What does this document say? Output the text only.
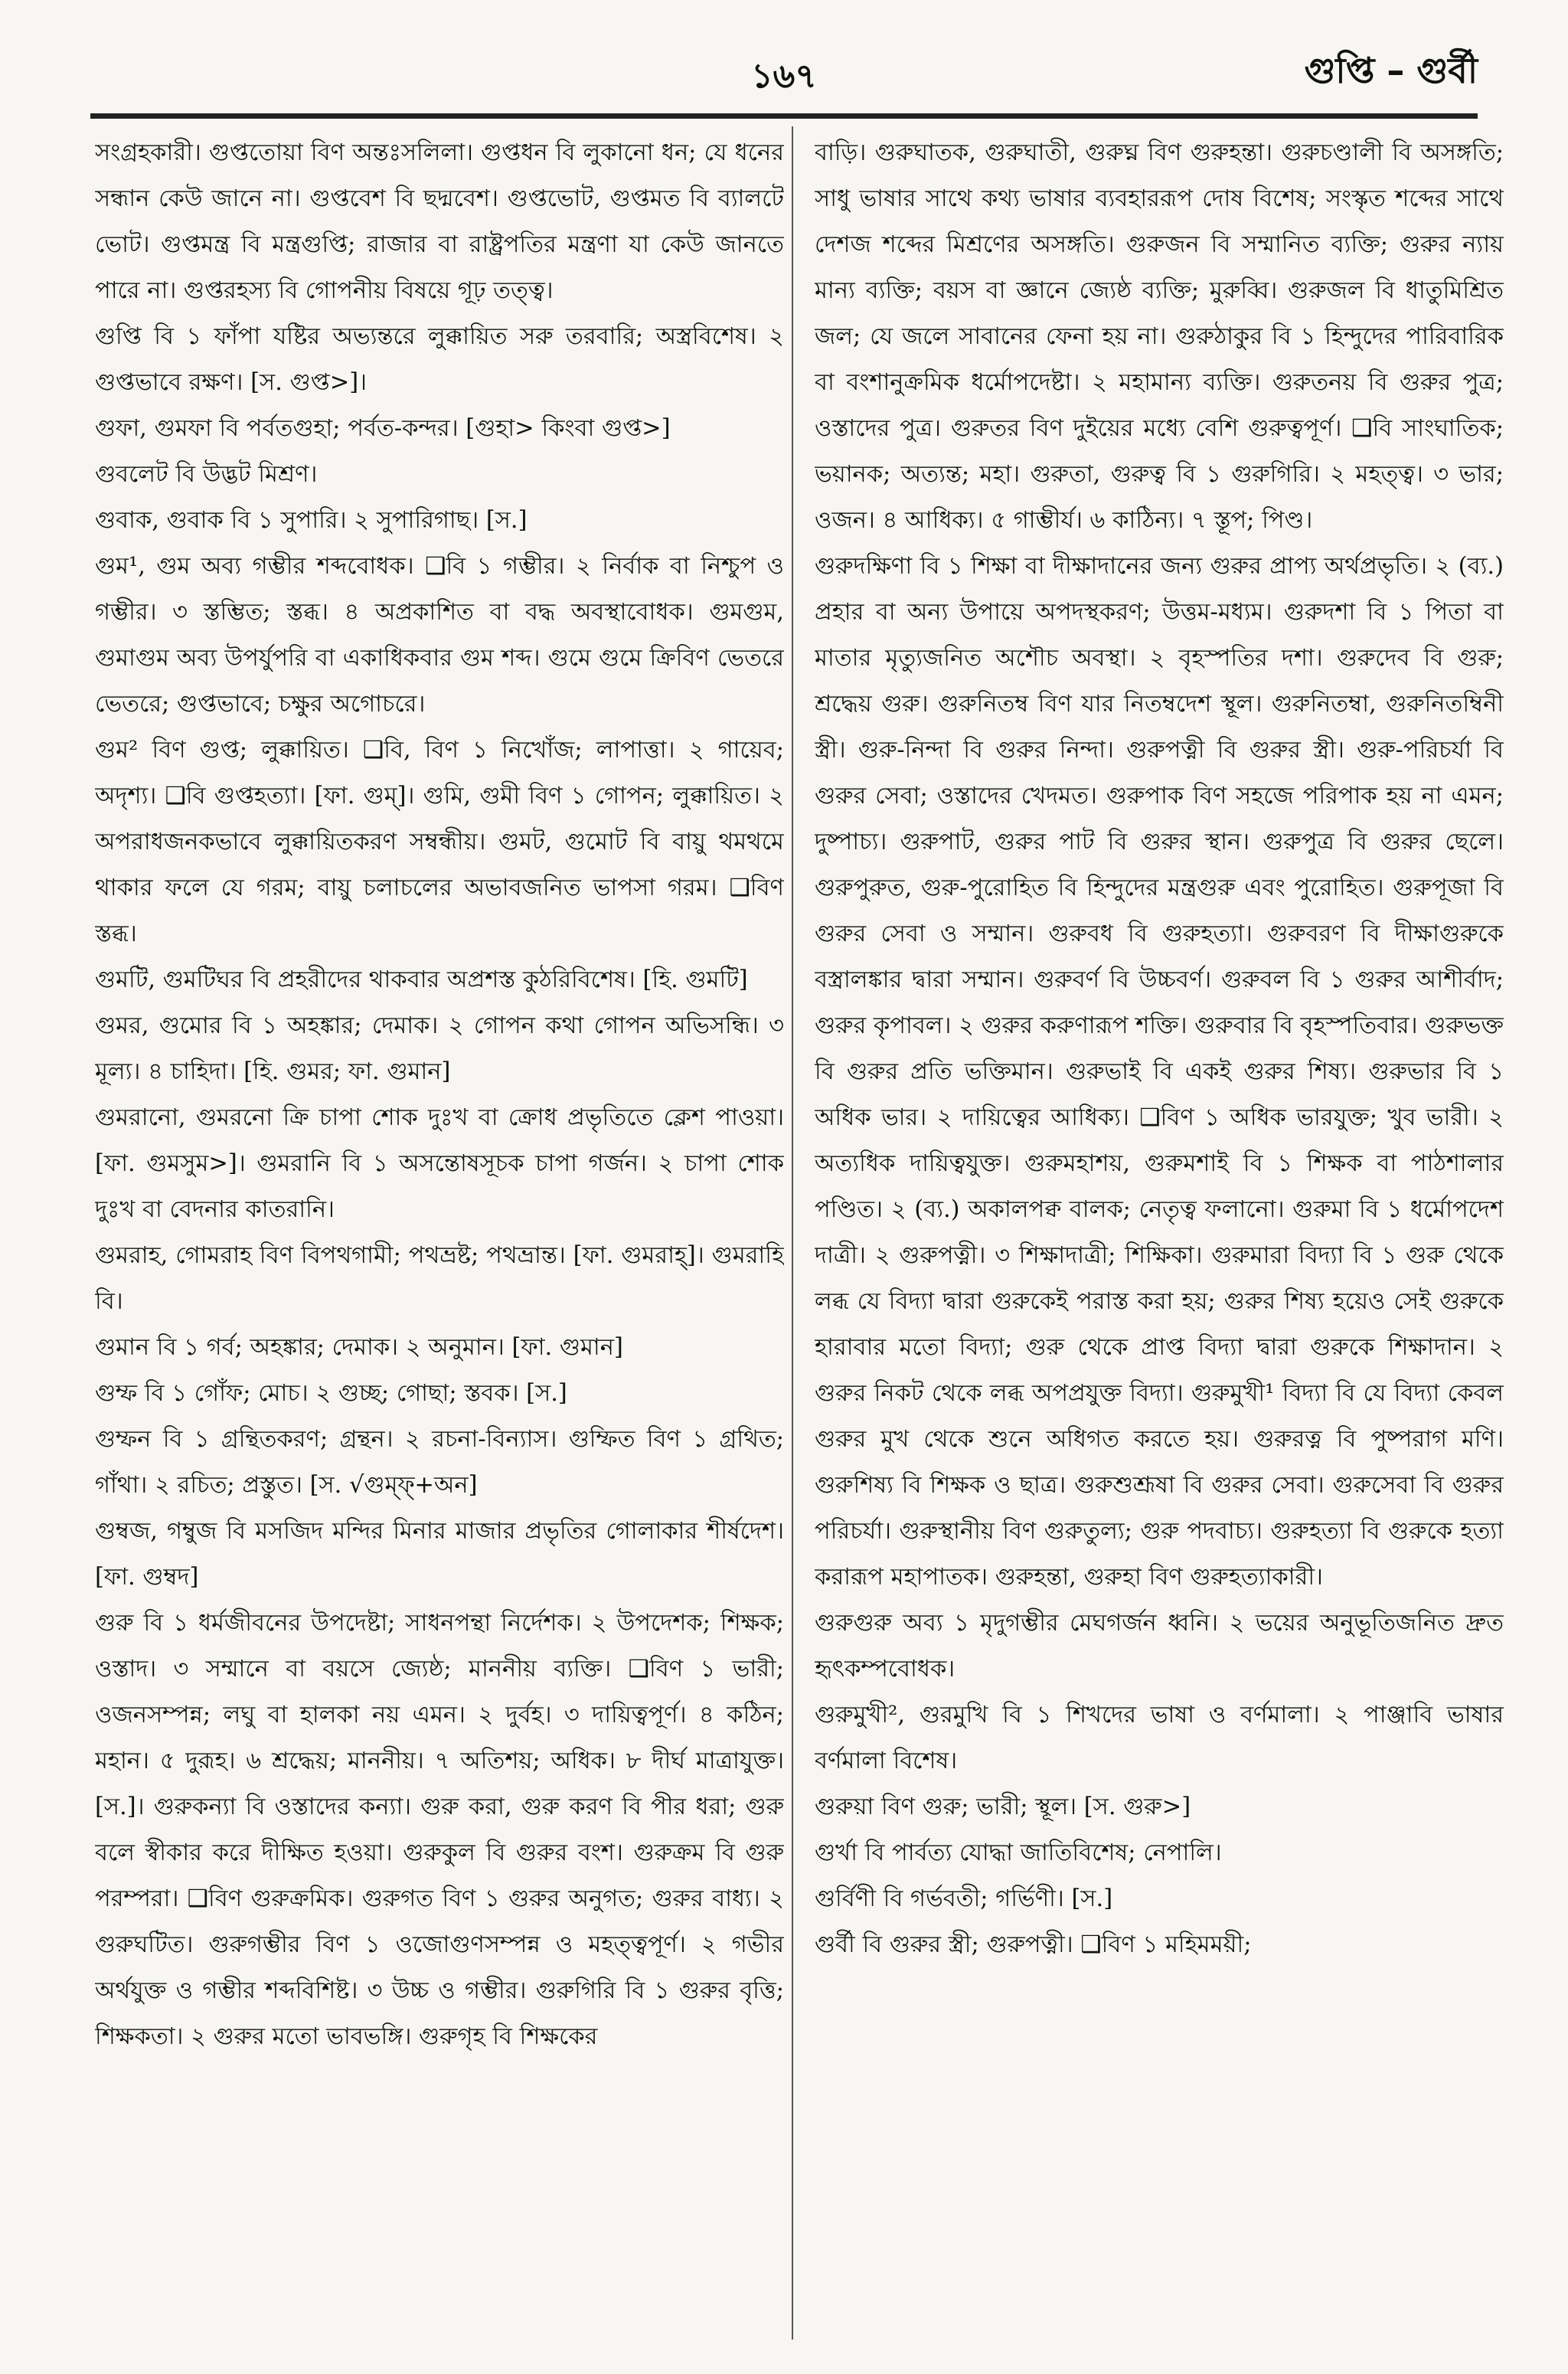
১৬৭	গুপ্তি – গুর্বী
সংগ্রহকারী। গুপ্ততোয়া বিণ অন্তঃসলিলা। গুপ্তধন বি লুকানো ধন; যে ধনের সন্ধান কেউ জানে না। গুপ্তবেশ বি ছদ্মবেশ। গুপ্তভোট, গুপ্তমত বি ব্যালটে ভোট। গুপ্তমন্ত্র বি মন্ত্রগুপ্তি; রাজার বা রাষ্ট্রপতির মন্ত্রণা যা কেউ জানতে পারে না। গুপ্তরহস্য বি গোপনীয় বিষয়ে গূঢ় তত্ত্ব।
গুপ্তি বি ১ ফাঁপা যষ্টির অভ্যন্তরে লুক্কায়িত সরু তরবারি; অস্ত্রবিশেষ। ২ গুপ্তভাবে রক্ষণ। [স. গুপ্ত>]।
গুফা, গুমফা বি পর্বতগুহা; পর্বত-কন্দর। [গুহা> কিংবা গুপ্ত>]
গুবলেট বি উদ্ভট মিশ্রণ।
গুবাক, গুবাক বি ১ সুপারি। ২ সুপারিগাছ। [স.]
গুম¹, গুম অব্য গম্ভীর শব্দবোধক। ❑বি ১ গম্ভীর। ২ নির্বাক বা নিশ্চুপ ও গম্ভীর। ৩ স্তম্ভিত; স্তব্ধ। ৪ অপ্রকাশিত বা বদ্ধ অবস্থাবোধক। গুমগুম, গুমাগুম অব্য উপর্যুপরি বা একাধিকবার গুম শব্দ। গুমে গুমে ক্রিবিণ ভেতরে ভেতরে; গুপ্তভাবে; চক্ষুর অগোচরে।
গুম² বিণ গুপ্ত; লুক্কায়িত। ❑বি, বিণ ১ নিখোঁজ; লাপাত্তা। ২ গায়েব; অদৃশ্য। ❑বি গুপ্তহত্যা। [ফা. গুম্]। গুমি, গুমী বিণ ১ গোপন; লুক্কায়িত। ২ অপরাধজনকভাবে লুক্কায়িতকরণ সম্বন্ধীয়। গুমট, গুমোট বি বায়ু থমথমে থাকার ফলে যে গরম; বায়ু চলাচলের অভাবজনিত ভাপসা গরম। ❑বিণ স্তব্ধ।
গুমটি, গুমটিঘর বি প্রহরীদের থাকবার অপ্রশস্ত কুঠরিবিশেষ। [হি. গুমটি]
গুমর, গুমোর বি ১ অহঙ্কার; দেমাক। ২ গোপন কথা গোপন অভিসন্ধি। ৩ মূল্য। ৪ চাহিদা। [হি. গুমর; ফা. গুমান]
গুমরানো, গুমরনো ক্রি চাপা শোক দুঃখ বা ক্রোধ প্রভৃতিতে ক্লেশ পাওয়া। [ফা. গুমসুম>]। গুমরানি বি ১ অসন্তোষসূচক চাপা গর্জন। ২ চাপা শোক দুঃখ বা বেদনার কাতরানি।
গুমরাহ, গোমরাহ বিণ বিপথগামী; পথভ্রষ্ট; পথভ্রান্ত। [ফা. গুমরাহ্]। গুমরাহি বি।
গুমান বি ১ গর্ব; অহঙ্কার; দেমাক। ২ অনুমান। [ফা. গুমান]
গুম্ফ বি ১ গোঁফ; মোচ। ২ গুচ্ছ; গোছা; স্তবক। [স.]
গুম্ফন বি ১ গ্রন্থিতকরণ; গ্রন্থন। ২ রচনা-বিন্যাস। গুম্ফিত বিণ ১ গ্রথিত; গাঁথা। ২ রচিত; প্রস্তুত। [স. √গুম্ফ্+অন]
গুম্বজ, গম্বুজ বি মসজিদ মন্দির মিনার মাজার প্রভৃতির গোলাকার শীর্ষদেশ। [ফা. গুম্বদ]
গুরু বি ১ ধর্মজীবনের উপদেষ্টা; সাধনপন্থা নির্দেশক। ২ উপদেশক; শিক্ষক; ওস্তাদ। ৩ সম্মানে বা বয়সে জ্যেষ্ঠ; মাননীয় ব্যক্তি। ❑বিণ ১ ভারী; ওজনসম্পন্ন; লঘু বা হালকা নয় এমন। ২ দুর্বহ। ৩ দায়িত্বপূর্ণ। ৪ কঠিন; মহান। ৫ দুরূহ। ৬ শ্রদ্ধেয়; মাননীয়। ৭ অতিশয়; অধিক। ৮ দীর্ঘ মাত্রাযুক্ত। [স.]। গুরুকন্যা বি ওস্তাদের কন্যা। গুরু করা, গুরু করণ বি পীর ধরা; গুরু বলে স্বীকার করে দীক্ষিত হওয়া। গুরুকুল বি গুরুর বংশ। গুরুক্রম বি গুরু পরম্পরা। ❑বিণ গুরুক্রমিক। গুরুগত বিণ ১ গুরুর অনুগত; গুরুর বাধ্য। ২ গুরুঘটিত। গুরুগম্ভীর বিণ ১ ওজোগুণসম্পন্ন ও মহত্ত্বপূর্ণ। ২ গভীর অর্থযুক্ত ও গম্ভীর শব্দবিশিষ্ট। ৩ উচ্চ ও গম্ভীর। গুরুগিরি বি ১ গুরুর বৃত্তি; শিক্ষকতা। ২ গুরুর মতো ভাবভঙ্গি। গুরুগৃহ বি শিক্ষকের
বাড়ি। গুরুঘাতক, গুরুঘাতী, গুরুঘ্ন বিণ গুরুহন্তা। গুরুচণ্ডালী বি অসঙ্গতি; সাধু ভাষার সাথে কথ্য ভাষার ব্যবহাররূপ দোষ বিশেষ; সংস্কৃত শব্দের সাথে দেশজ শব্দের মিশ্রণের অসঙ্গতি। গুরুজন বি সম্মানিত ব্যক্তি; গুরুর ন্যায় মান্য ব্যক্তি; বয়স বা জ্ঞানে জ্যেষ্ঠ ব্যক্তি; মুরুব্বি। গুরুজল বি ধাতুমিশ্রিত জল; যে জলে সাবানের ফেনা হয় না। গুরুঠাকুর বি ১ হিন্দুদের পারিবারিক বা বংশানুক্রমিক ধর্মোপদেষ্টা। ২ মহামান্য ব্যক্তি। গুরুতনয় বি গুরুর পুত্র; ওস্তাদের পুত্র। গুরুতর বিণ দুইয়ের মধ্যে বেশি গুরুত্বপূর্ণ। ❑বি সাংঘাতিক; ভয়ানক; অত্যন্ত; মহা। গুরুতা, গুরুত্ব বি ১ গুরুগিরি। ২ মহত্ত্ব। ৩ ভার; ওজন। ৪ আধিক্য। ৫ গাম্ভীর্য। ৬ কাঠিন্য। ৭ স্তূপ; পিণ্ড।
গুরুদক্ষিণা বি ১ শিক্ষা বা দীক্ষাদানের জন্য গুরুর প্রাপ্য অর্থপ্রভৃতি। ২ (ব্য.) প্রহার বা অন্য উপায়ে অপদস্থকরণ; উত্তম-মধ্যম। গুরুদশা বি ১ পিতা বা মাতার মৃত্যুজনিত অশৌচ অবস্থা। ২ বৃহস্পতির দশা। গুরুদেব বি গুরু; শ্রদ্ধেয় গুরু। গুরুনিতম্ব বিণ যার নিতম্বদেশ স্থূল। গুরুনিতম্বা, গুরুনিতম্বিনী স্ত্রী। গুরু-নিন্দা বি গুরুর নিন্দা। গুরুপত্নী বি গুরুর স্ত্রী। গুরু-পরিচর্যা বি গুরুর সেবা; ওস্তাদের খেদমত। গুরুপাক বিণ সহজে পরিপাক হয় না এমন; দুষ্পাচ্য। গুরুপাট, গুরুর পাট বি গুরুর স্থান। গুরুপুত্র বি গুরুর ছেলে। গুরুপুরুত, গুরু-পুরোহিত বি হিন্দুদের মন্ত্রগুরু এবং পুরোহিত। গুরুপূজা বি গুরুর সেবা ও সম্মান। গুরুবধ বি গুরুহত্যা। গুরুবরণ বি দীক্ষাগুরুকে বস্ত্রালঙ্কার দ্বারা সম্মান। গুরুবর্ণ বি উচ্চবর্ণ। গুরুবল বি ১ গুরুর আশীর্বাদ; গুরুর কৃপাবল। ২ গুরুর করুণারূপ শক্তি। গুরুবার বি বৃহস্পতিবার। গুরুভক্ত বি গুরুর প্রতি ভক্তিমান। গুরুভাই বি একই গুরুর শিষ্য। গুরুভার বি ১ অধিক ভার। ২ দায়িত্বের আধিক্য। ❑বিণ ১ অধিক ভারযুক্ত; খুব ভারী। ২ অত্যধিক দায়িত্বযুক্ত। গুরুমহাশয়, গুরুমশাই বি ১ শিক্ষক বা পাঠশালার পণ্ডিত। ২ (ব্য.) অকালপক্ব বালক; নেতৃত্ব ফলানো। গুরুমা বি ১ ধর্মোপদেশ দাত্রী। ২ গুরুপত্নী। ৩ শিক্ষাদাত্রী; শিক্ষিকা। গুরুমারা বিদ্যা বি ১ গুরু থেকে লব্ধ যে বিদ্যা দ্বারা গুরুকেই পরাস্ত করা হয়; গুরুর শিষ্য হয়েও সেই গুরুকে হারাবার মতো বিদ্যা; গুরু থেকে প্রাপ্ত বিদ্যা দ্বারা গুরুকে শিক্ষাদান। ২ গুরুর নিকট থেকে লব্ধ অপপ্রযুক্ত বিদ্যা। গুরুমুখী¹ বিদ্যা বি যে বিদ্যা কেবল গুরুর মুখ থেকে শুনে অধিগত করতে হয়। গুরুরত্ন বি পুষ্পরাগ মণি। গুরুশিষ্য বি শিক্ষক ও ছাত্র। গুরুশুশ্রূষা বি গুরুর সেবা। গুরুসেবা বি গুরুর পরিচর্যা। গুরুস্থানীয় বিণ গুরুতুল্য; গুরু পদবাচ্য। গুরুহত্যা বি গুরুকে হত্যা করারূপ মহাপাতক। গুরুহন্তা, গুরুহা বিণ গুরুহত্যাকারী।
গুরুগুরু অব্য ১ মৃদুগম্ভীর মেঘগর্জন ধ্বনি। ২ ভয়ের অনুভূতিজনিত দ্রুত হৃৎকম্পবোধক।
গুরুমুখী², গুরমুখি বি ১ শিখদের ভাষা ও বর্ণমালা। ২ পাঞ্জাবি ভাষার বর্ণমালা বিশেষ।
গুরুয়া বিণ গুরু; ভারী; স্থূল। [স. গুরু>]
গুর্খা বি পার্বত্য যোদ্ধা জাতিবিশেষ; নেপালি।
গুর্বিণী বি গর্ভবতী; গর্ভিণী। [স.]
গুর্বী বি গুরুর স্ত্রী; গুরুপত্নী। ❑বিণ ১ মহিমময়ী;
